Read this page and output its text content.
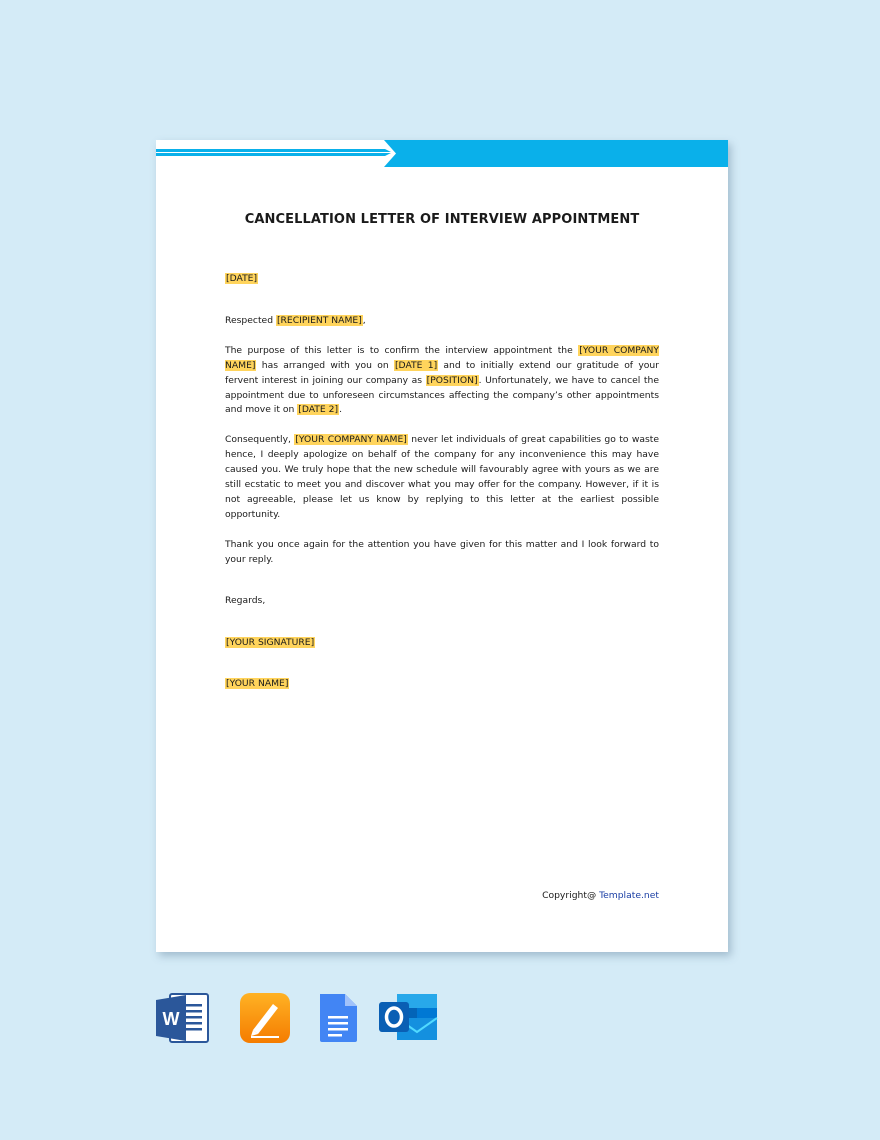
CANCELLATION LETTER OF INTERVIEW APPOINTMENT

[DATE]

Respected [RECIPIENT NAME],

The purpose of this letter is to confirm the interview appointment the [YOUR COMPANY NAME] has arranged with you on [DATE 1] and to initially extend our gratitude of your fervent interest in joining our company as [POSITION]. Unfortunately, we have to cancel the appointment due to unforeseen circumstances affecting the company’s other appointments and move it on [DATE 2].

Consequently, [YOUR COMPANY NAME] never let individuals of great capabilities go to waste hence, I deeply apologize on behalf of the company for any inconvenience this may have caused you. We truly hope that the new schedule will favourably agree with yours as we are still ecstatic to meet you and discover what you may offer for the company. However, if it is not agreeable, please let us know by replying to this letter at the earliest possible opportunity.

Thank you once again for the attention you have given for this matter and I look forward to your reply.

Regards,

[YOUR SIGNATURE]

[YOUR NAME]

Copyright@ Template.net
W
